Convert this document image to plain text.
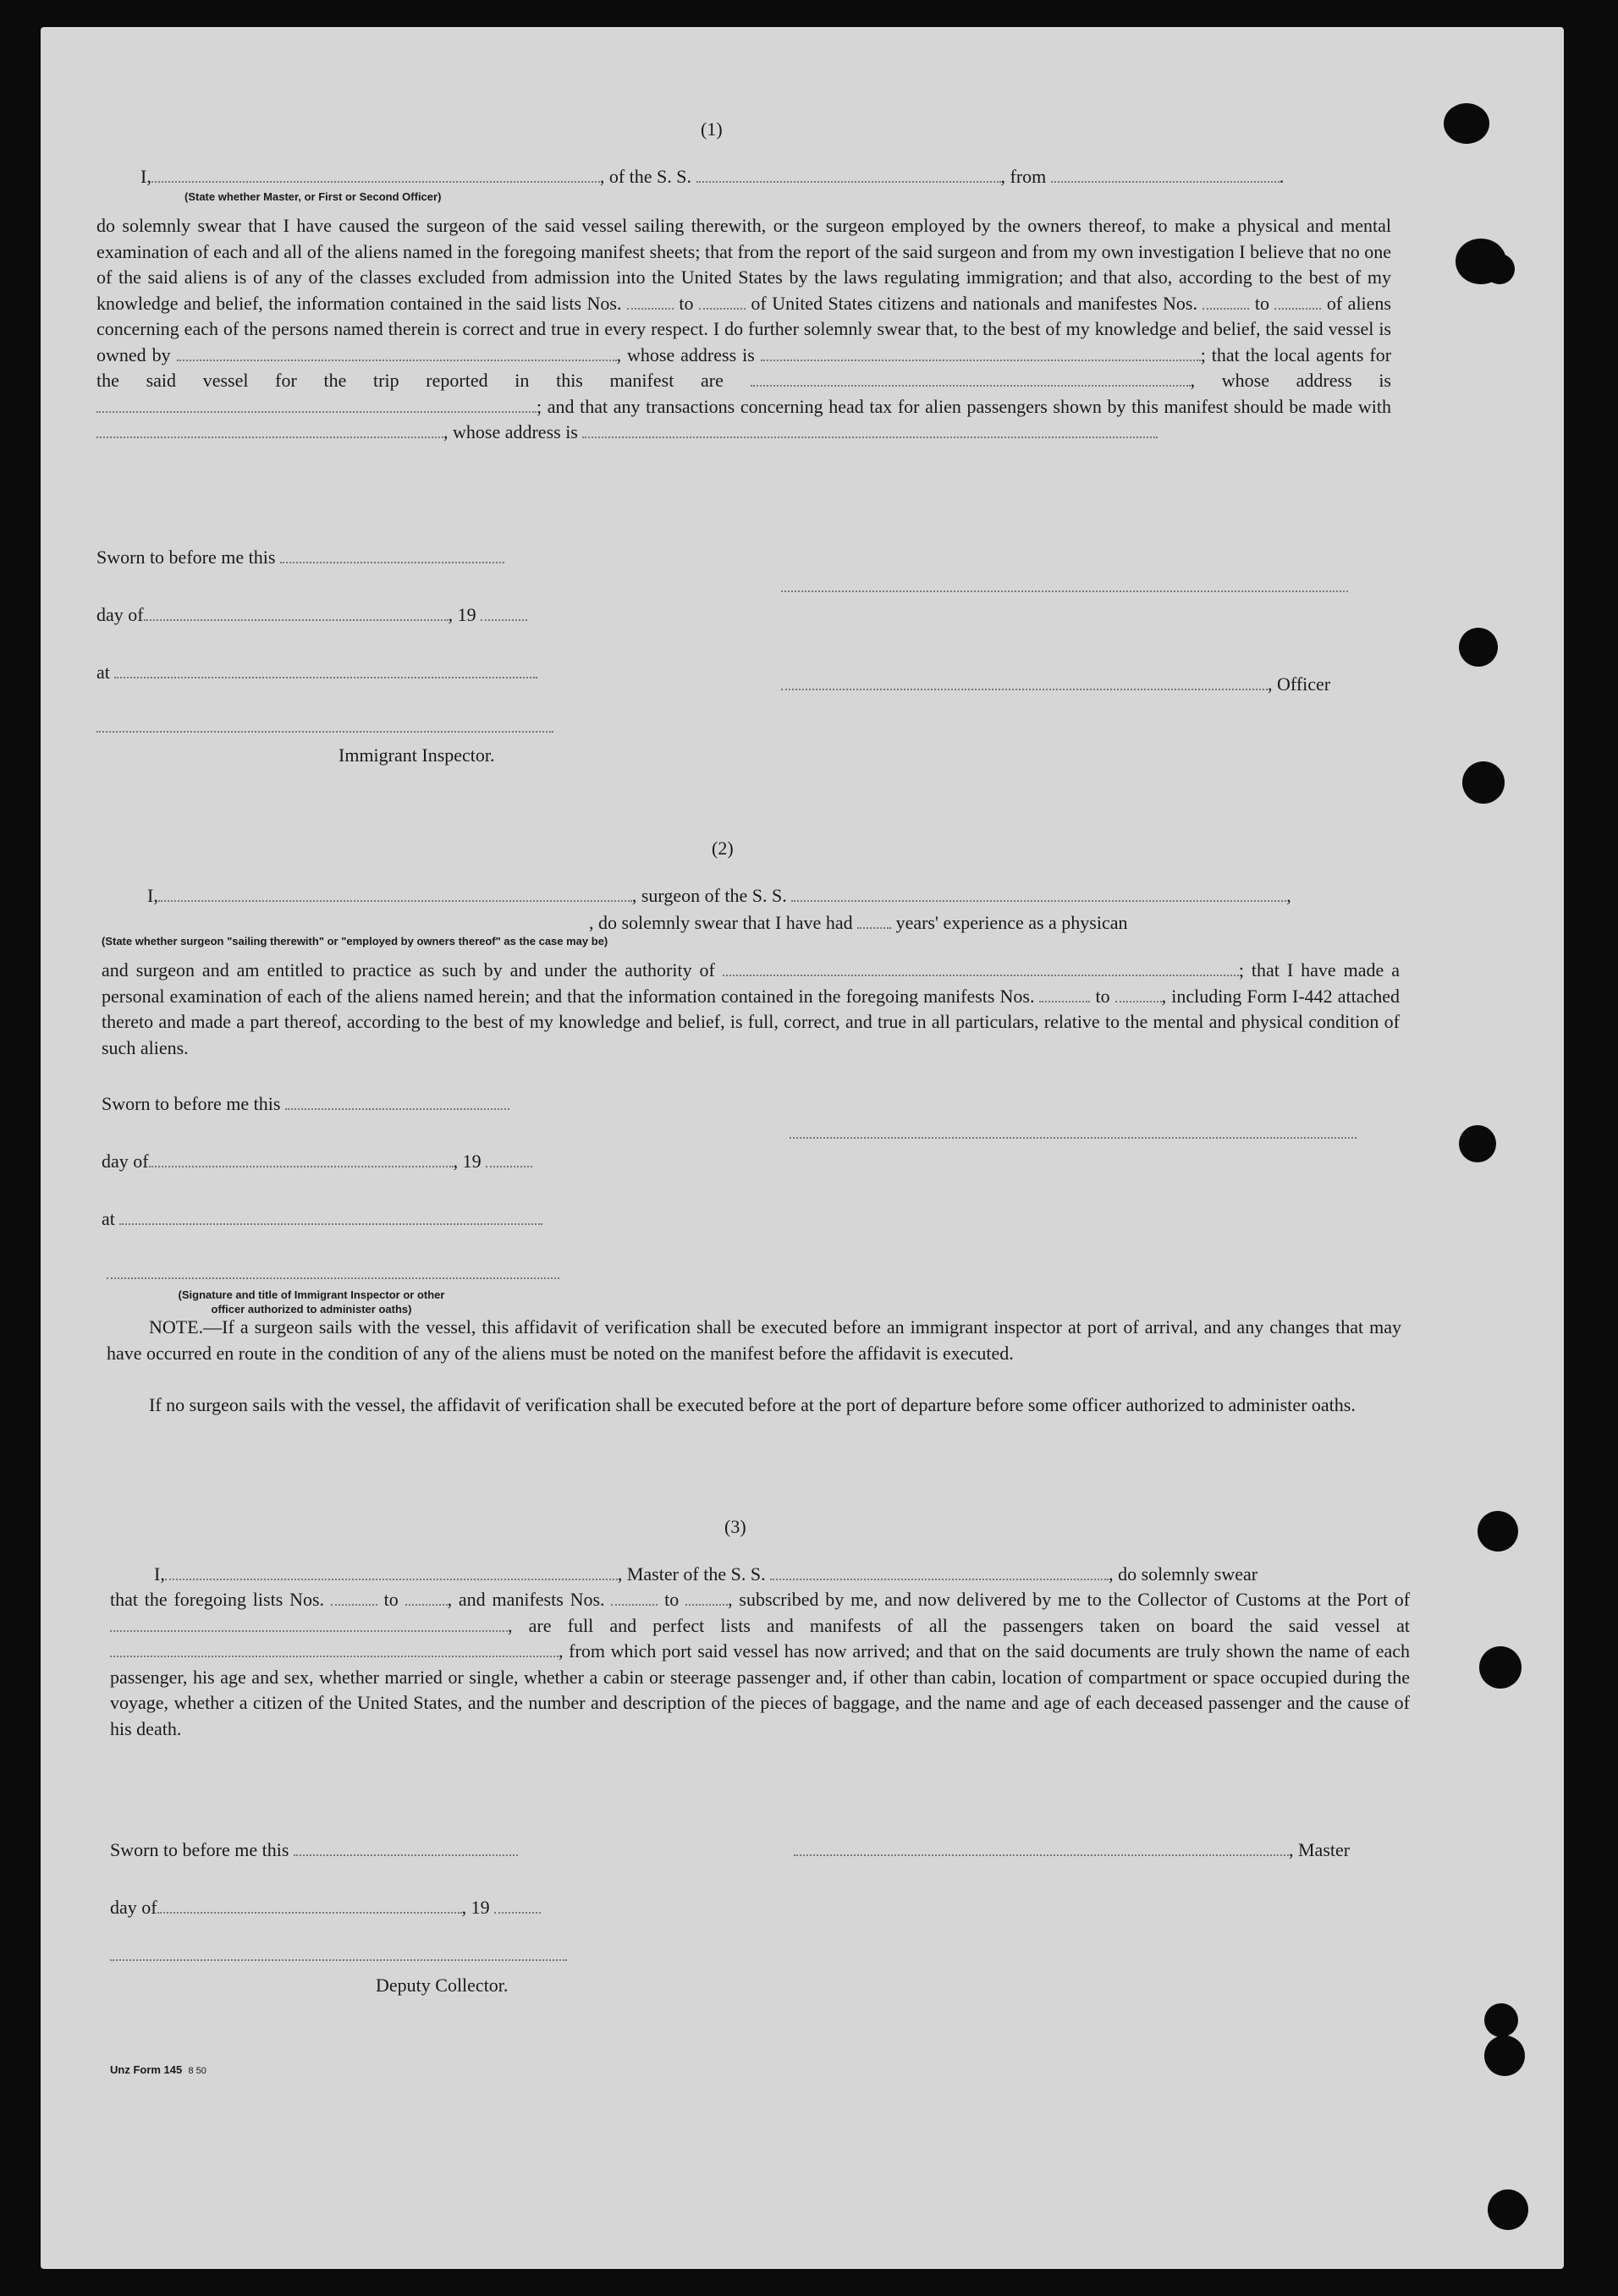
(1)
I,	, of the S. S.	, from	.
(State whether Master, or First or Second Officer)
do solemnly swear that I have caused the surgeon of the said vessel sailing therewith, or the surgeon employed by the owners thereof, to make a physical and mental examination of each and all of the aliens named in the foregoing manifest sheets; that from the report of the said surgeon and from my own investigation I believe that no one of the said aliens is of any of the classes excluded from admission into the United States by the laws regulating immigration; and that also, according to the best of my knowledge and belief, the information contained in the said lists Nos.	to	of United States citizens and nationals and manifestes Nos.	to	of aliens concerning each of the persons named therein is correct and true in every respect. I do further solemnly swear that, to the best of my knowledge and belief, the said vessel is owned by	, whose address is	; that the local agents for the said vessel for the trip reported in this manifest are	, whose address is ; and that any transactions concerning head tax for alien passengers shown by this manifest should be made with , whose address is
Sworn to before me this
day of	, 19
at
, Officer
Immigrant Inspector.
(2)
I,	, surgeon of the S. S.	,
, do solemnly swear that I have had years' experience as a physican
(State whether surgeon "sailing therewith" or "employed by owners thereof" as the case may be)
and surgeon and am entitled to practice as such by and under the authority of	; that I have made a personal examination of each of the aliens named herein; and that the information contained in the foregoing manifests Nos.	to	, including Form I-442 attached thereto and made a part thereof, according to the best of my knowledge and belief, is full, correct, and true in all particulars, relative to the mental and physical condition of such aliens.
Sworn to before me this
day of	, 19
at
(Signature and title of Immigrant Inspector or other
officer authorized to administer oaths)
NOTE.—If a surgeon sails with the vessel, this affidavit of verification shall be executed before an immigrant inspector at port of arrival, and any changes that may have occurred en route in the condition of any of the aliens must be noted on the manifest before the affidavit is executed.
If no surgeon sails with the vessel, the affidavit of verification shall be executed before at the port of departure before some officer authorized to administer oaths.
(3)
I,	, Master of the S. S.	, do solemnly swear
that the foregoing lists Nos.	to	, and manifests Nos.	to	, subscribed by me, and now delivered by me to the Collector of Customs at the Port of , are full and perfect lists and manifests of all the passengers taken on board the said vessel at , from which port said vessel has now arrived; and that on the said documents are truly shown the name of each passenger, his age and sex, whether married or single, whether a cabin or steerage passenger and, if other than cabin, location of compartment or space occupied during the voyage, whether a citizen of the United States, and the number and description of the pieces of baggage, and the name and age of each deceased passenger and the cause of his death.
Sworn to before me this	, Master
day of	, 19
Deputy Collector.
Unz Form 145 8 50
